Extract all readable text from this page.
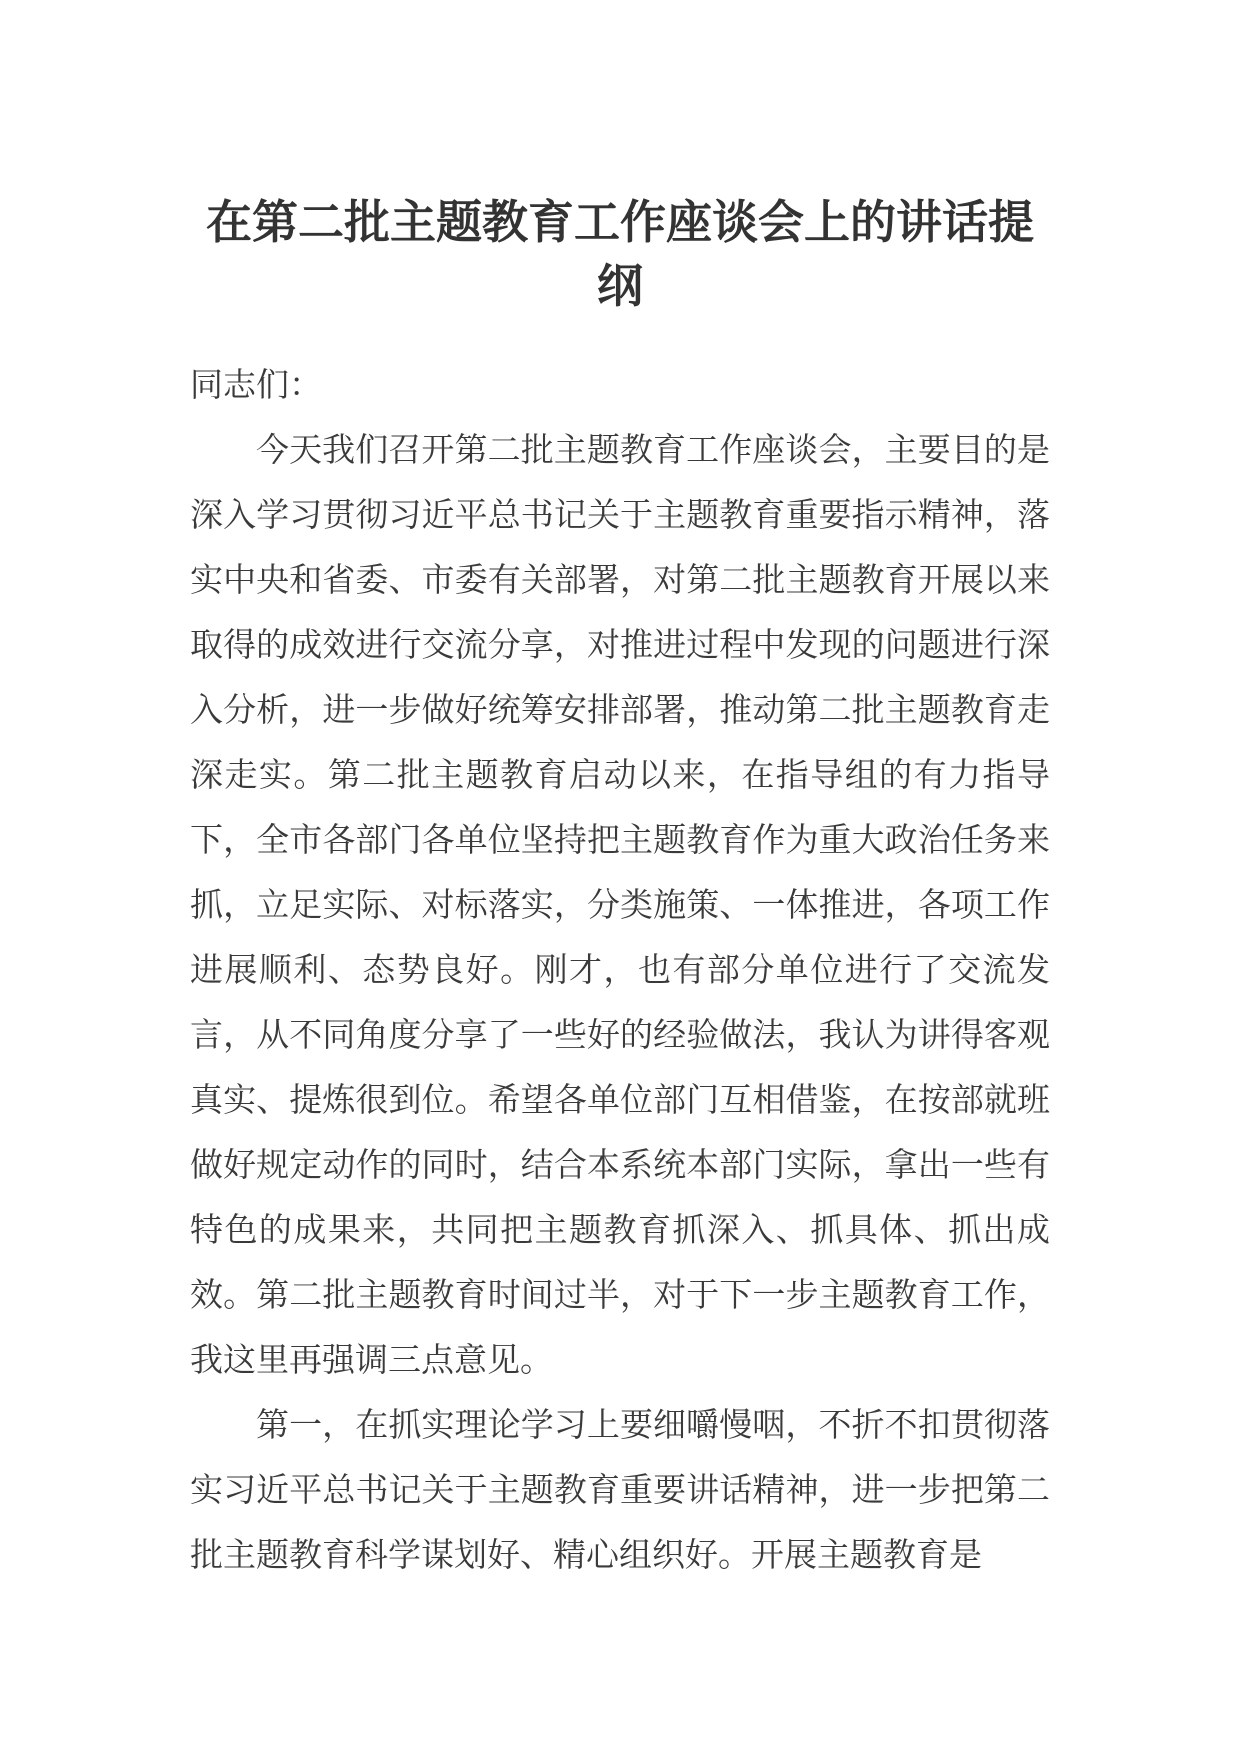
在第二批主题教育工作座谈会上的讲话提纲

同志们：

今天我们召开第二批主题教育工作座谈会，主要目的是深入学习贯彻习近平总书记关于主题教育重要指示精神，落实中央和省委、市委有关部署，对第二批主题教育开展以来取得的成效进行交流分享，对推进过程中发现的问题进行深入分析，进一步做好统筹安排部署，推动第二批主题教育走深走实。第二批主题教育启动以来，在指导组的有力指导下，全市各部门各单位坚持把主题教育作为重大政治任务来抓，立足实际、对标落实，分类施策、一体推进，各项工作进展顺利、态势良好。刚才，也有部分单位进行了交流发言，从不同角度分享了一些好的经验做法，我认为讲得客观真实、提炼很到位。希望各单位部门互相借鉴，在按部就班做好规定动作的同时，结合本系统本部门实际，拿出一些有特色的成果来，共同把主题教育抓深入、抓具体、抓出成效。第二批主题教育时间过半，对于下一步主题教育工作，我这里再强调三点意见。

第一，在抓实理论学习上要细嚼慢咽，不折不扣贯彻落实习近平总书记关于主题教育重要讲话精神，进一步把第二批主题教育科学谋划好、精心组织好。开展主题教育是
